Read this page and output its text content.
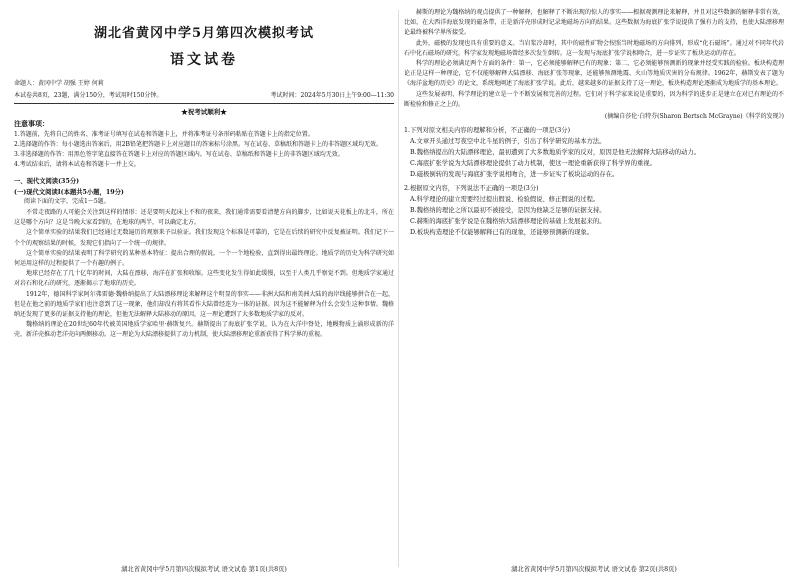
湖北省黄冈中学5月第四次模拟考试
语文试卷
命题人：黄冈中学 胡强 王婷 何莉
本试卷共8页，23题，满分150分，考试用时150分钟。	考试时间：2024年5月30日上午9:00—11:30
★祝考试顺利★
注意事项：

1.答题前，先将自己的姓名、准考证号填写在试卷和答题卡上，并将准考证号条形码粘贴在答题卡上的指定位置。

2.选择题的作答：每小题选出答案后，用2B铅笔把答题卡上对应题目的答案标号涂黑。写在试卷、草稿纸和答题卡上的非答题区域均无效。

3.非选择题的作答：用黑色签字笔直接答在答题卡上对应的答题区域内。写在试卷、草稿纸和答题卡上的非答题区域均无效。

4.考试结束后，请将本试卷和答题卡一并上交。

一、现代文阅读(35分)
(一)现代文阅读Ⅰ(本题共5小题，19分)
阅读下面的文字，完成1～5题。

不常走夜路的人可能会关注到这样的情形：还是要明天起床上不和的夜来，我们通常需要看清楚方向的脚步，比如说天花板上的北斗，所在这是哪个方向？这是当晚大家看到的，在地球的两半，可以确定北方。

这个简单实验的结果我们已经通过无数遍历的观察来予以验证。我们发现这个标准是可靠的，它是在后续的研究中反复被证明。我们记下一个个的观察结果的时候，发现它们指向了一个统一的规律。

这个简单实验的结果表明了科学研究的某种基本特征：提出合理的假说，一个一个地检验，直到得出最终理论。地质学的历史为科学研究如何运用这样的过程提供了一个有趣的例子。

地球已经存在了几十亿年的时间，大陆在漂移，海洋在扩张和收缩。这些变化发生得如此缓慢，以至于人类几乎察觉不到。但地质学家通过对岩石和化石的研究，逐渐揭示了地球的历史。

1912年，德国科学家阿尔弗雷德·魏格纳提出了大陆漂移理论来解释这个明显的事实——非洲大陆和南美洲大陆的海岸线能够拼合在一起，但是在他之前的地质学家们也注意到了这一现象，他们却没有将其看作大陆曾经连为一体的证据。因为这不能解释为什么会发生这种事情。魏格纳还发现了更多的证据支持他的理论，但他无法解释大陆移动的原因，这一理论遭到了大多数地质学家的反对。

魏格纳的理论在20世纪60年代被美国地质学家哈里·赫斯复兴。赫斯提出了海底扩张学说，认为在大洋中脊处，地幔物质上涌形成新的洋壳，新洋壳推动老洋壳向两侧移动。这一理论为大陆漂移提供了动力机制，使大陆漂移理论重新获得了科学界的重视。

湖北省黄冈中学5月第四次模拟考试 语文试卷 第1页(共8页)

赫斯的理论为魏格纳的观点提供了一种解释，也解释了不断出现的惊人的事实——根据观测理论来解释，并且对这些数据的解释非常有效，比如，在大西洋海底发现的磁条带，正是新洋壳形成时记录地磁场方向的结果。这些数据为海底扩张学说提供了强有力的支持，也使大陆漂移理论最终被科学界所接受。

此外，磁极的发现也具有重要的意义。当岩浆冷却时，其中的磁性矿物会按照当时地磁场的方向排列，形成“化石磁场”。通过对不同年代岩石中化石磁场的研究，科学家发现地磁场曾经多次发生倒转。这一发现与海底扩张学说相吻合，进一步证实了板块运动的存在。

科学的理论必须满足两个方面的条件：第一，它必须能够解释已有的现象；第二，它必须能够预测新的现象并经受实践的检验。板块构造理论正是这样一种理论，它不仅能够解释大陆漂移、海底扩张等现象，还能够预测地震、火山等地质灾害的分布规律。1962年，赫斯发表了题为《海洋盆地的历史》的论文，系统地阐述了海底扩张学说。此后，越来越多的证据支持了这一理论，板块构造理论逐渐成为地质学的基本理论。

这些发展表明，科学理论的建立是一个不断发展和完善的过程。它们对于科学家来说是重要的，因为科学的进步正是建立在对已有理论的不断检验和修正之上的。

(摘编自莎伦·白特芬(Sharon Bertsch McGrayne)《科学的发现》)
1.下列对原文相关内容的理解和分析，不正确的一项是(3分)
A.文章开头通过写夜空中北斗星的例子，引出了科学研究的基本方法。
B.魏格纳提出的大陆漂移理论，最初遭到了大多数地质学家的反对，原因是他无法解释大陆移动的动力。
C.海底扩张学说为大陆漂移理论提供了动力机制，使这一理论重新获得了科学界的重视。
D.磁极倒转的发现与海底扩张学说相吻合，进一步证实了板块运动的存在。
2.根据原文内容，下列说法不正确的一项是(3分)
A.科学理论的建立需要经过提出假说、检验假说、修正假说的过程。
B.魏格纳的理论之所以最初不被接受，是因为他缺乏足够的证据支持。
C.赫斯的海底扩张学说是在魏格纳大陆漂移理论的基础上发展起来的。
D.板块构造理论不仅能够解释已有的现象，还能够预测新的现象。
湖北省黄冈中学5月第四次模拟考试 语文试卷 第2页(共8页)
